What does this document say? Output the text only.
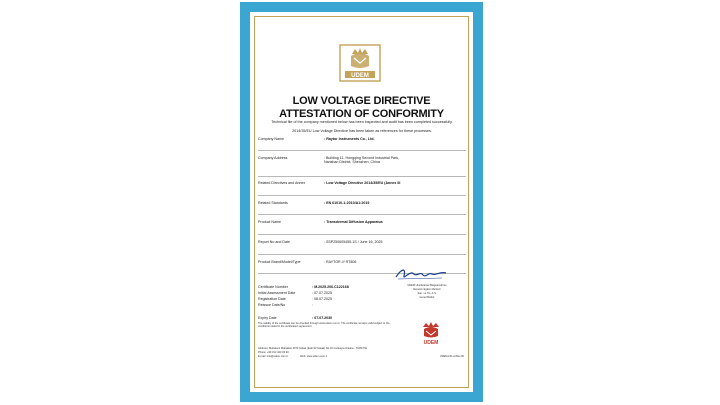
UDEM
LOW VOLTAGE DIRECTIVE
ATTESTATION OF CONFORMITY
Technical file of the company mentioned below has been inspected and audit has been completed successfully.
2014/35/EU Low Voltage Directive has been taken as references for these processes.
Company Name	: Raytor Instruments Co., Ltd.
Company Address	: Building 11, Hongqing Second Industrial Park, Nanshan District, Shenzhen, China
Related Directives and Annex	: Low Voltage Directive 2014/35/EU (Annex III
Related Standards	: EN 61010-1:2010/A1:2019
Product Name	: Transdermal Diffusion Apparatus
Report No and Date	: SSP250605455-1S / June 16, 2025
Product Brand/Model/Type	: RAYTOR /// RT806
Certificate Number	: M.2025.206.C122168
Initial Assessment Date	: 07.07.2025
Registration Date	: 08.07.2025
Reissue Date/No	:
Expiry Date	: 07.07.2030
The validity of the certificate can be checked through www.udem.com.tr. The certificate remains valid subject to the conditions stated in the certification agreement.
UDEM Uluslararasi Belgelendirme
Denetim Egitim Merkezi
San. ve Tic. A.S.
Genel Müdür
UDEM
Address: Mutlukent Mahallesi 2070 Sokak (Eski 93 Sokak) No:10 Cankaya /Ankara - TÜRKIYE
Phone: +90 312 443 03 90
E-mail: info@udem.com.tr	Web: www.udem.com.tr	UDEM-FR-xx/Rev.00
